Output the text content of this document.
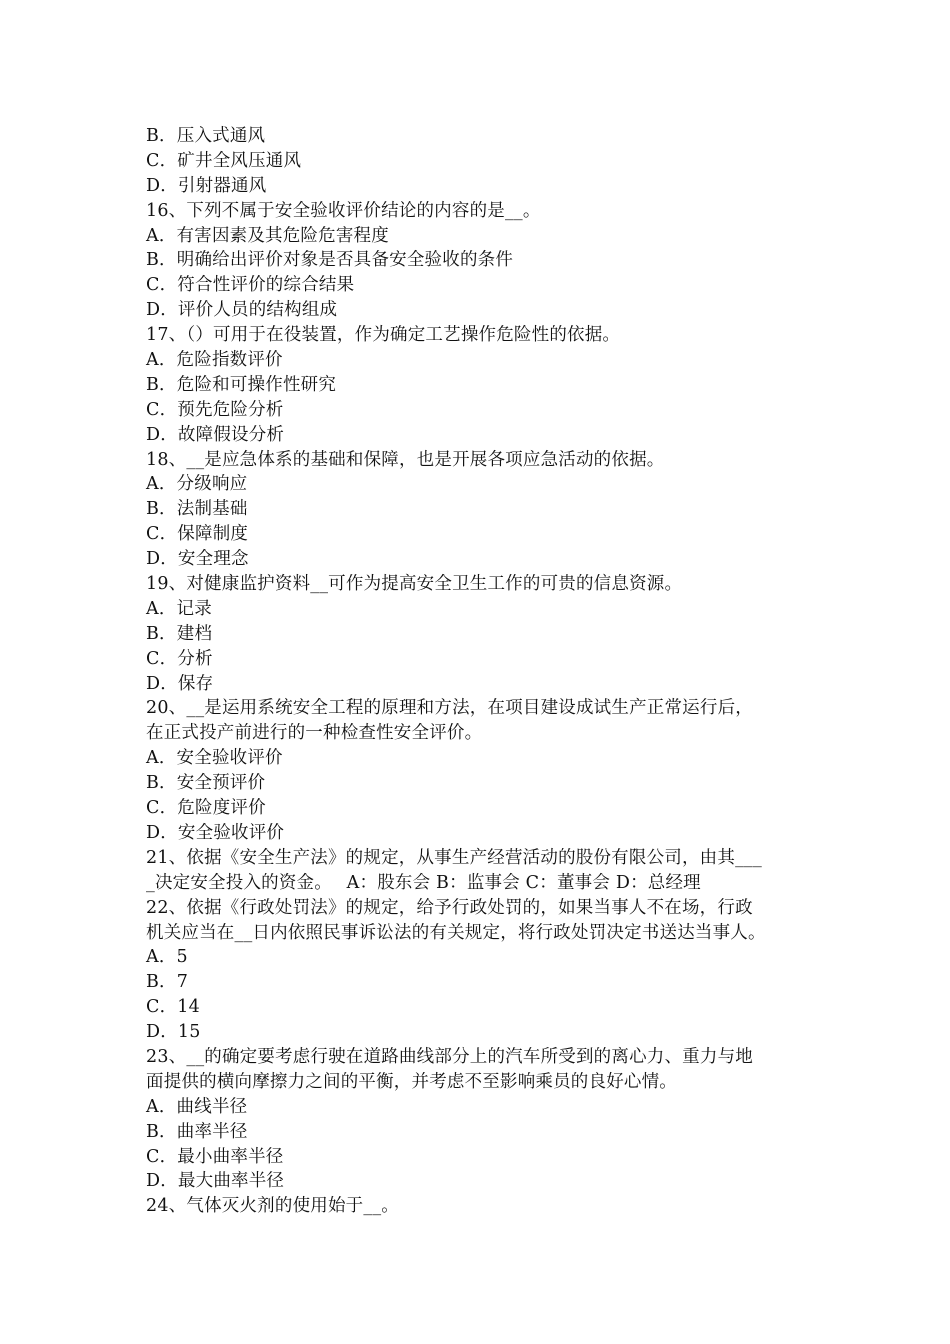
B．压入式通风
C．矿井全风压通风
D．引射器通风
16、下列不属于安全验收评价结论的内容的是__。
A．有害因素及其危险危害程度
B．明确给出评价对象是否具备安全验收的条件
C．符合性评价的综合结果
D．评价人员的结构组成
17、（）可用于在役装置，作为确定工艺操作危险性的依据。
A．危险指数评价
B．危险和可操作性研究
C．预先危险分析
D．故障假设分析
18、__是应急体系的基础和保障，也是开展各项应急活动的依据。
A．分级响应
B．法制基础
C．保障制度
D．安全理念
19、对健康监护资料__可作为提高安全卫生工作的可贵的信息资源。
A．记录
B．建档
C．分析
D．保存
20、__是运用系统安全工程的原理和方法，在项目建设成试生产正常运行后，
在正式投产前进行的一种检查性安全评价。
A．安全验收评价
B．安全预评价
C．危险度评价
D．安全验收评价
21、依据《安全生产法》的规定，从事生产经营活动的股份有限公司，由其___
_决定安全投入的资金。　 A：股东会 B：监事会 C：董事会 D：总经理
22、依据《行政处罚法》的规定，给予行政处罚的，如果当事人不在场，行政
机关应当在__日内依照民事诉讼法的有关规定，将行政处罚决定书送达当事人。
A．5
B．7
C．14
D．15
23、__的确定要考虑行驶在道路曲线部分上的汽车所受到的离心力、重力与地
面提供的横向摩擦力之间的平衡，并考虑不至影响乘员的良好心情。
A．曲线半径
B．曲率半径
C．最小曲率半径
D．最大曲率半径
24、气体灭火剂的使用始于__。
